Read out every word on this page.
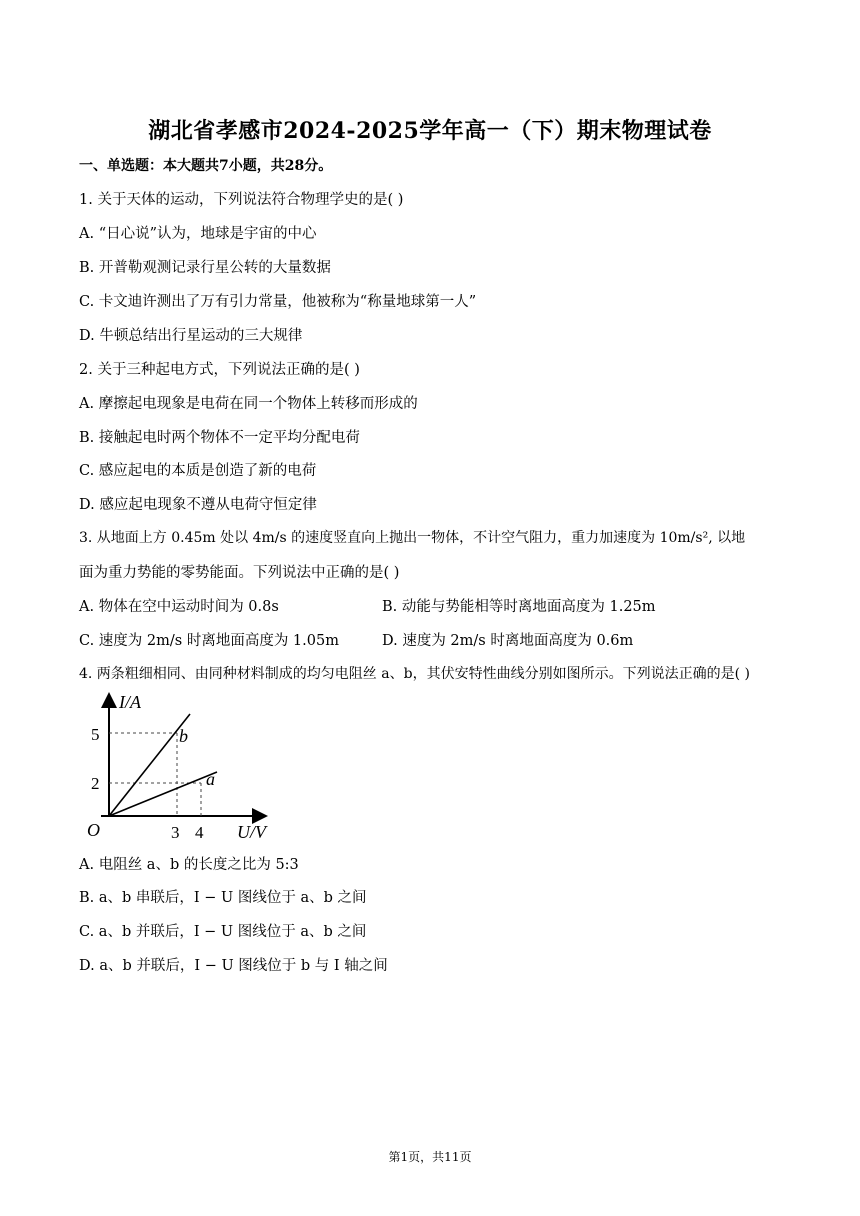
湖北省孝感市2024-2025学年高一（下）期末物理试卷
一、单选题：本大题共7小题，共28分。
1. 关于天体的运动，下列说法符合物理学史的是( )
A. “日心说”认为，地球是宇宙的中心
B. 开普勒观测记录行星公转的大量数据
C. 卡文迪许测出了万有引力常量，他被称为“称量地球第一人”
D. 牛顿总结出行星运动的三大规律
2. 关于三种起电方式，下列说法正确的是( )
A. 摩擦起电现象是电荷在同一个物体上转移而形成的
B. 接触起电时两个物体不一定平均分配电荷
C. 感应起电的本质是创造了新的电荷
D. 感应起电现象不遵从电荷守恒定律
3. 从地面上方 0.45m 处以 4m/s 的速度竖直向上抛出一物体，不计空气阻力，重力加速度为 10m/s², 以地
面为重力势能的零势能面。下列说法中正确的是( )
A. 物体在空中运动时间为 0.8s	B. 动能与势能相等时离地面高度为 1.25m
C. 速度为 2m/s 时离地面高度为 1.05m	D. 速度为 2m/s 时离地面高度为 0.6m
4. 两条粗细相同、由同种材料制成的均匀电阻丝 a、b，其伏安特性曲线分别如图所示。下列说法正确的是( )
I/A
U/V
O
5
2
3 4
b
a
A. 电阻丝 a、b 的长度之比为 5:3
B. a、b 串联后，I − U 图线位于 a、b 之间
C. a、b 并联后，I − U 图线位于 a、b 之间
D. a、b 并联后，I − U 图线位于 b 与 I 轴之间
第1页，共11页
